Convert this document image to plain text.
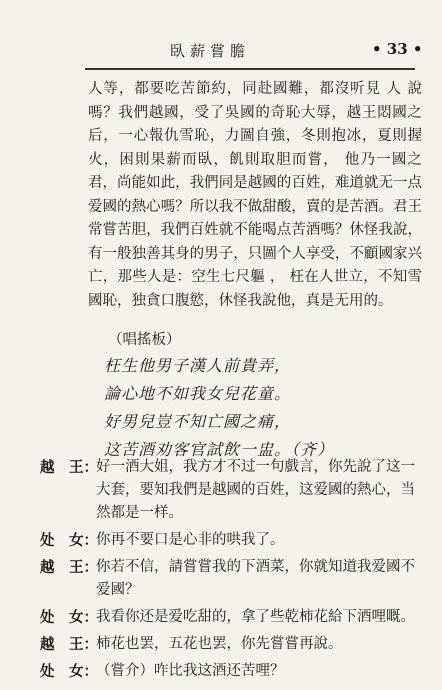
臥薪嘗膽	• 33 •

人等，都要吃苦節約，同赴國難，都沒听見 人 說嗎？我們越國，受了吳國的奇恥大辱，越王悶國之后，一心報仇雪恥，力圖自強，冬則抱冰，夏則握火，困則果薪而臥，飢則取胆而嘗， 他乃一國之君，尚能如此，我們同是越國的百姓，难道就无一点爱國的熱心嗎？所以我不做甜酸，賣的是苦酒。君王常嘗苦胆，我們百姓就不能喝点苦酒嗎？休怪我說，有一般独善其身的男子，只圖个人享受，不顧國家兴亡，那些人是：空生七尺軀 ， 枉在人世立，不知雪國恥，独貪口腹慾，休怪我說他，真是无用的。

（唱搖板）
枉生他男子漢人前貴弄，
論心地不如我女兒花童。
好男兒豈不知亡國之痛，
这苦酒劝客官試飲一盅。（齐）
越　王：
好一酒大姐，我方才不过一句戲言，你先說了这一大套，要知我們是越國的百姓，这爱國的熱心，当然都是一样。
处　女：
你再不要口是心非的哄我了。
越　王：
你若不信，請嘗嘗我的下酒菜，你就知道我爱國不爱國？
处　女：
我看你还是爱吃甜的，拿了些乾柿花給下酒哩嘅。
越　王：
柿花也罢，五花也罢，你先嘗嘗再說。
处　女：
（嘗介）咋比我这酒还苦哩？
